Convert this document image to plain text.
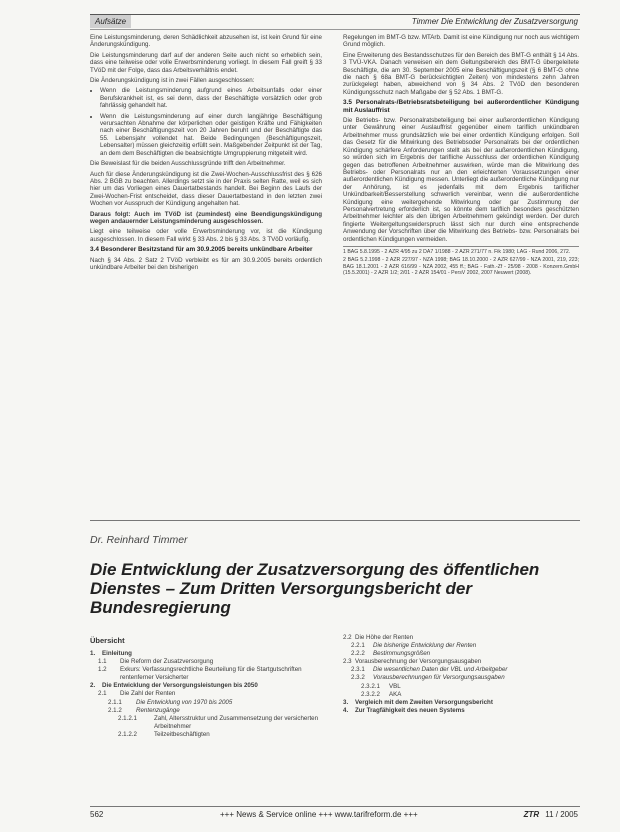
Aufsätze	Timmer Die Entwicklung der Zusatzversorgung

Eine Leistungsminderung, deren Schädlichkeit abzusehen ist, ist kein Grund für eine Änderungskündigung.

Die Leistungsminderung darf auf der anderen Seite auch nicht so erheblich sein, dass eine teilweise oder volle Erwerbsminderung vorliegt. In diesem Fall greift § 33 TVöD mit der Folge, dass das Arbeitsverhältnis endet.

Die Änderungskündigung ist in zwei Fällen ausgeschlossen:

• Wenn die Leistungsminderung aufgrund eines Arbeitsunfalls oder einer Berufskrankheit ist, es sei denn, dass der Beschäftigte vorsätzlich oder grob fahrlässig gehandelt hat.
• Wenn die Leistungsminderung auf einer durch langjährige Beschäftigung verursachten Abnahme der körperlichen oder geistigen Kräfte und Fähigkeiten nach einer Beschäftigungszeit von 20 Jahren beruht und der Beschäftigte das 55. Lebensjahr vollendet hat. Beide Bedingungen (Beschäftigungszeit, Lebensalter) müssen gleichzeitig erfüllt sein. Maßgebender Zeitpunkt ist der Tag, an dem dem Beschäftigten die beabsichtigte Umgruppierung mitgeteilt wird.

Die Beweislast für die beiden Ausschlussgründe trifft den Arbeitnehmer.

Auch für diese Änderungskündigung ist die Zwei-Wochen-Ausschlussfrist des § 626 Abs. 2 BGB zu beachten. Allerdings setzt sie in der Praxis selten Ratte, weil es sich hier um das Vorliegen eines Dauertatbestands handelt. Bei Beginn des Laufs der Zwei-Wochen-Frist entscheidet, dass dieser Dauertatbestand in den letzten zwei Wochen vor Ausspruch der Kündigung angehalten hat.

Daraus folgt: Auch im TVöD ist (zumindest) eine Beendigungskündigung wegen andauernder Leistungsminderung ausgeschlossen.

Liegt eine teilweise oder volle Erwerbsminderung vor, ist die Kündigung ausgeschlossen. In diesem Fall wirkt § 33 Abs. 2 bis § 33 Abs. 3 TVöD vorläufig.

3.4 Besonderer Besitzstand für am 30.9.2005 bereits unkündbare Arbeiter

Nach § 34 Abs. 2 Satz 2 TVöD verbleibt es für am 30.9.2005 bereits ordentlich unkündbare Arbeiter bei den bisherigen

Regelungen im BMT-G bzw. MTArb. Damit ist eine Kündigung nur noch aus wichtigem Grund möglich.

Eine Erweiterung des Bestandsschutzes für den Bereich des BMT-G enthält § 14 Abs. 3 TVÜ-VKA. Danach verweisen ein dem Geltungsbereich des BMT-G übergeleitete Beschäftigte, die am 30. September 2005 eine Beschäftigungszeit (§ 6 BMT-G ohne die nach § 68a BMT-G berücksichtigten Zeiten) von mindestens zehn Jahren zurückgelegt haben, abweichend von § 34 Abs. 2 TVöD den besonderen Kündigungsschutz nach Maßgabe der § 52 Abs. 1 BMT-G.

3.5 Personalrats-/Betriebsratsbeteiligung bei außerordentlicher Kündigung mit Auslauffrist

Die Betriebs- bzw. Personalratsbeteiligung bei einer außerordentlichen Kündigung unter Gewährung einer Auslauffrist gegenüber einem tariflich unkündbaren Arbeitnehmer muss grundsätzlich wie bei einer ordentlich Kündigung erfolgen. Soll das Gesetz für die Mitwirkung des Betriebsoder Personalrats bei der ordentlichen Kündigung schärfere Anforderungen stellt als bei der außerordentlichen Kündigung, so würden sich im Ergebnis der tarifliche Ausschluss der ordentlichen Kündigung gegen das betroffenen Arbeitnehmer auswirken, würde man die Mitwirkung des Betriebs- oder Personalrats nur an den erleichterten Voraussetzungen einer außerordentlichen Kündigung messen. Unterliegt die außerordentliche Kündigung nur der Anhörung, ist es jedenfalls mit dem Ergebnis tariflicher Unkündbarkeit/Besserstellung schwerlich vereinbar, wenn die außerordentliche Kündigung eine weitergehende Mitwirkung oder gar Zustimmung der Personalvertretung erforderlich ist, so könnte dem tariflich besonders geschützten Arbeitnehmer leichter als den übrigen Arbeitnehmern gekündigt werden. Der durch fingierte Weitergeltungswiderspruch lässt sich nur durch eine entsprechende Anwendung der Vorschriften über die Mitwirkung des Betriebs- bzw. Personalrats bei ordentlichen Kündigungen vermeiden.

1 BAG 5.8.1995 - 2 AZR 4/95 zu 2 DA7 1/1988 - 2 AZR 271/77 n. Fik 1980; LAG - Rund 2006, 272.
2 BAG 5.2.1998 - 2 AZR 227/97 - NZA 1998; BAG 18.10.2000 - 2 AZR 627/99 - NZA 2001, 219, 223; BAG 18.1.2001 - 2 AZR 616/99 - NZA 2002, 455 ff.; BAG - Fath.-Zf - 25/98 - 2008 - Konzern.GmbH (15.5.2001) - 2 AZR 1/2; 2/01 - 2 AZR 154/01 - PersV 2002, 2007 Neuwert (2008).
Dr. Reinhard Timmer
Die Entwicklung der Zusatzversorgung des öffentlichen Dienstes – Zum Dritten Versorgungsbericht der Bundesregierung
Übersicht
1. Einleitung
1.1 Die Reform der Zusatzversorgung
1.2 Exkurs: Verfassungsrechtliche Beurteilung für die Startgutschriften rentenferner Versicherter
2. Die Entwicklung der Versorgungsleistungen bis 2050
2.1 Die Zahl der Renten
2.1.1 Die Entwicklung von 1970 bis 2005
2.1.2 Rentenzugänge
2.1.2.1	Zahl, Altersstruktur und Zusammensetzung der versicherten Arbeitnehmer
2.1.2.2	Teilzeitbeschäftigten
2.2 Die Höhe der Renten
2.2.1 Die bisherige Entwicklung der Renten
2.2.2 Bestimmungsgrößen
2.3 Vorausberechnung der Versorgungsausgaben
2.3.1 Die wesentlichen Daten der VBL und Arbeitgeber
2.3.2 Vorausberechnungen für Versorgungsausgaben
2.3.2.1 VBL
2.3.2.2 AKA
3. Vergleich mit dem Zweiten Versorgungsbericht
4. Zur Tragfähigkeit des neuen Systems
562	+++ News & Service online +++ www.tarifreform.de +++	ZTR 11 / 2005
